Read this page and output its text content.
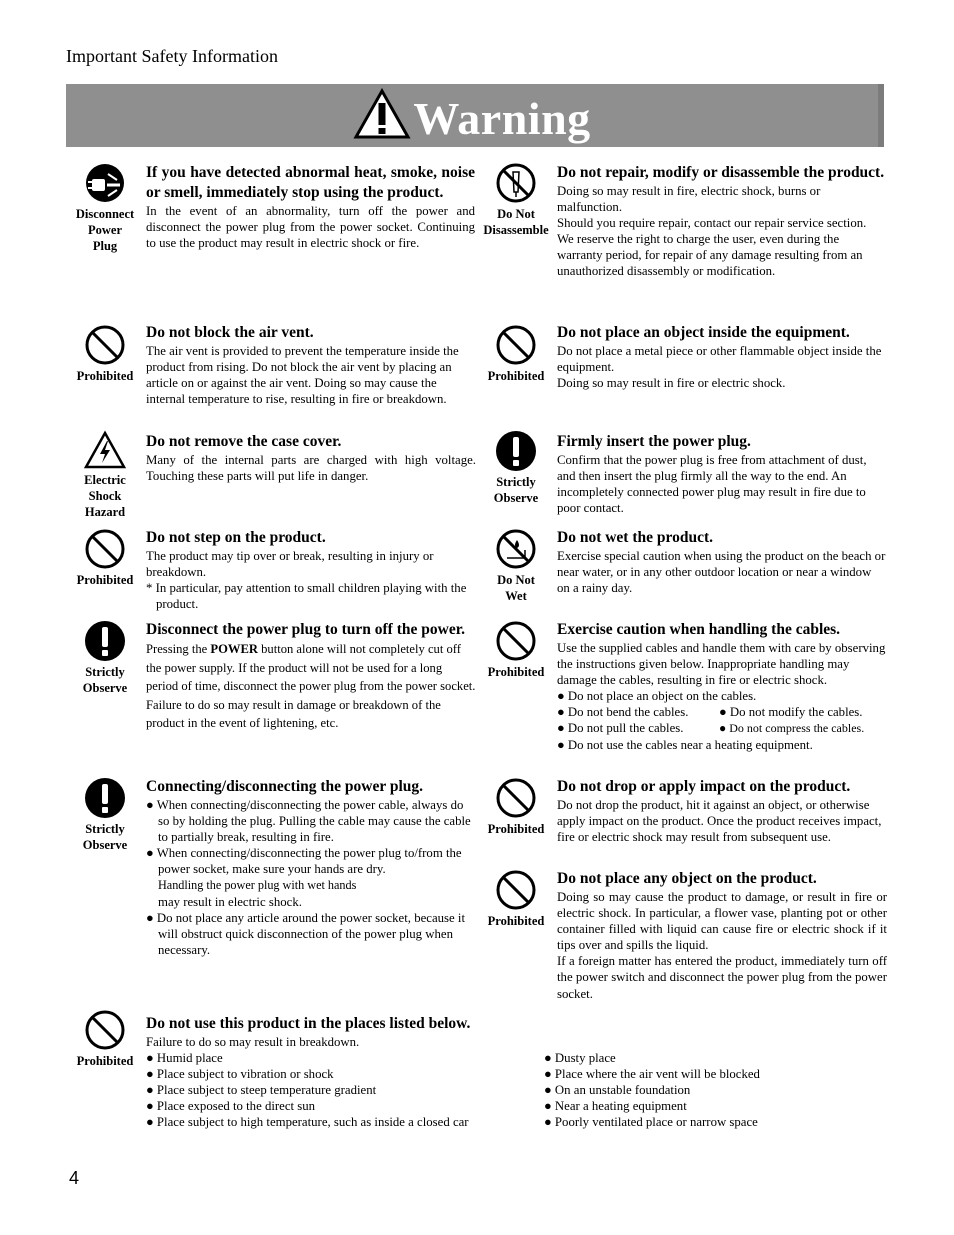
Important Safety Information
Warning
Disconnect
Power
Plug
If you have detected abnormal heat, smoke, noise or smell, immediately stop using the product.

In the event of an abnormality, turn off the power and disconnect the power plug from the power socket. Continuing to use the product may result in electric shock or fire.

Do Not
Disassemble
Do not repair, modify or disassemble the product.

Doing so may result in fire, electric shock, burns or malfunction.

Should you require repair, contact our repair service section.

We reserve the right to charge the user, even during the warranty period, for repair of any damage resulting from an unauthorized disassembly or modification.

Prohibited
Do not block the air vent.

The air vent is provided to prevent the temperature inside the product from rising. Do not block the air vent by placing an article on or against the air vent. Doing so may cause the internal temperature to rise, resulting in fire or breakdown.

Prohibited
Do not place an object inside the equipment.

Do not place a metal piece or other flammable object inside the equipment.

Doing so may result in fire or electric shock.

Electric
Shock
Hazard
Do not remove the case cover.

Many of the internal parts are charged with high voltage. Touching these parts will put life in danger.	Strictly
Observe
Firmly insert the power plug.

Confirm that the power plug is free from attachment of dust, and then insert the plug firmly all the way to the end. An incompletely connected power plug may result in fire due to poor contact.

Prohibited
Do not step on the product.

The product may tip over or break, resulting in injury or breakdown.

* In particular, pay attention to small children playing with the product.

Do Not
Wet
Do not wet the product.

Exercise special caution when using the product on the beach or near water, or in any other outdoor location or near a window on a rainy day.

Strictly
Observe
Disconnect the power plug to turn off the power.

Pressing the POWER button alone will not completely cut off the power supply. If the product will not be used for a long period of time, disconnect the power plug from the power socket. Failure to do so may result in damage or breakdown of the product in the event of lightening, etc.

Prohibited
Exercise caution when handling the cables.

Use the supplied cables and handle them with care by observing the instructions given below. Inappropriate handling may damage the cables, resulting in fire or electric shock.

● Do not place an object on the cables.

● Do not bend the cables.	● Do not modify the cables.
● Do not pull the cables.	● Do not compress the cables.

● Do not use the cables near a heating equipment.

Strictly
Observe
Connecting/disconnecting the power plug.

● When connecting/disconnecting the power cable, always do so by holding the plug. Pulling the cable may cause the cable to partially break, resulting in fire.

● When connecting/disconnecting the power plug to/from the power socket, make sure your hands are dry.

Handling the power plug with wet hands

may result in electric shock.

● Do not place any article around the power socket, because it will obstruct quick disconnection of the power plug when necessary.

Prohibited
Do not drop or apply impact on the product.

Do not drop the product, hit it against an object, or otherwise apply impact on the product. Once the product receives impact, fire or electric shock may result from subsequent use.

Prohibited
Do not place any object on the product.

Doing so may cause the product to damage, or result in fire or electric shock. In particular, a flower vase, planting pot or other container filled with liquid can cause fire or electric shock if it tips over and spills the liquid.

If a foreign matter has entered the product, immediately turn off the power switch and disconnect the power plug from the power socket.

Prohibited
Do not use this product in the places listed below.

Failure to do so may result in breakdown.

● Humid place

● Place subject to vibration or shock

● Place subject to steep temperature gradient

● Place exposed to the direct sun

● Place subject to high temperature, such as inside a closed car

● Dusty place

● Place where the air vent will be blocked

● On an unstable foundation

● Near a heating equipment

● Poorly ventilated place or narrow space

4
